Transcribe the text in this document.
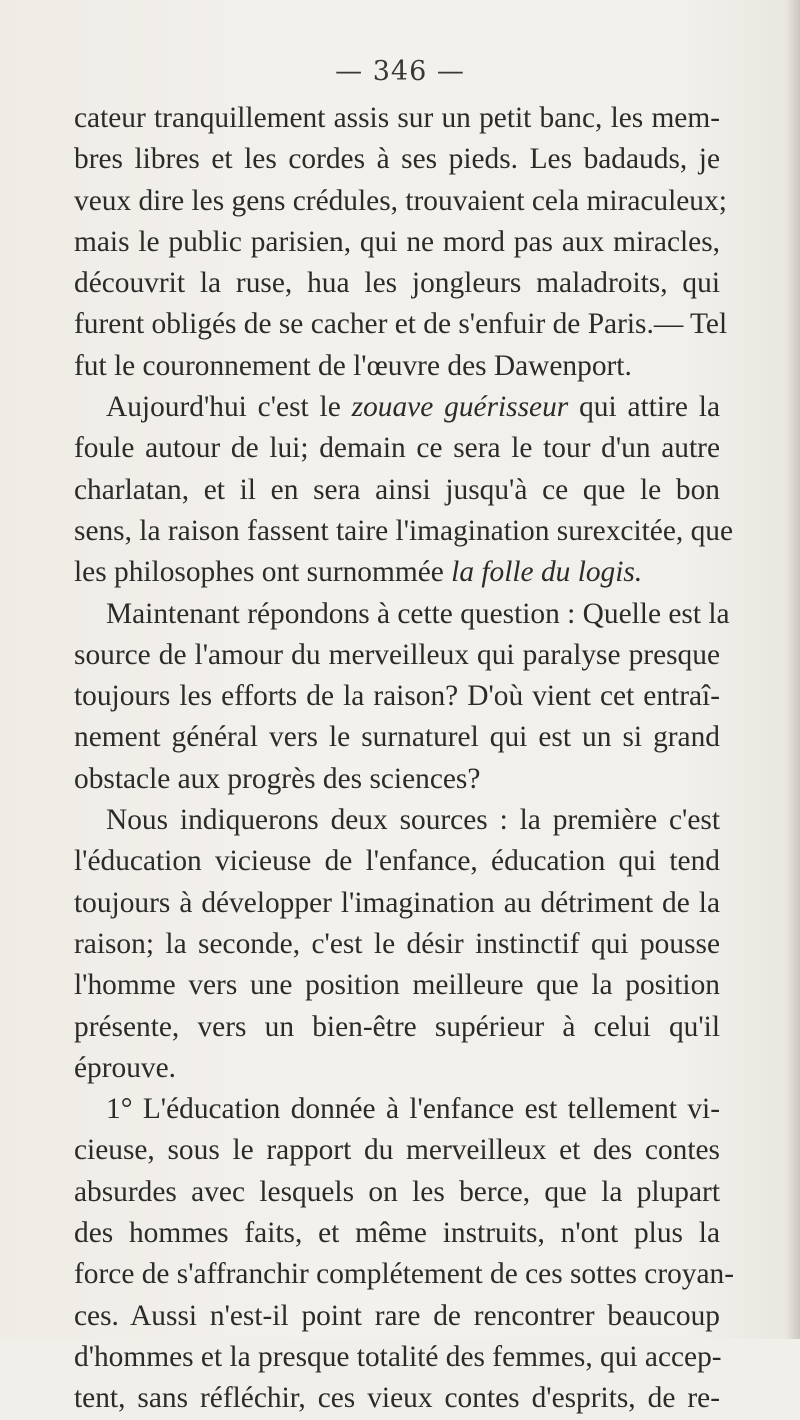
— 346 —

cateur tranquillement assis sur un petit banc, les mem-
bres libres et les cordes à ses pieds. Les badauds, je
veux dire les gens crédules, trouvaient cela miraculeux;
mais le public parisien, qui ne mord pas aux miracles,
découvrit la ruse, hua les jongleurs maladroits, qui
furent obligés de se cacher et de s'enfuir de Paris.— Tel
fut le couronnement de l'œuvre des Dawenport.

Aujourd'hui c'est le zouave guérisseur qui attire la
foule autour de lui; demain ce sera le tour d'un autre
charlatan, et il en sera ainsi jusqu'à ce que le bon
sens, la raison fassent taire l'imagination surexcitée, que
les philosophes ont surnommée la folle du logis.

Maintenant répondons à cette question : Quelle est la
source de l'amour du merveilleux qui paralyse presque
toujours les efforts de la raison? D'où vient cet entraî-
nement général vers le surnaturel qui est un si grand
obstacle aux progrès des sciences?

Nous indiquerons deux sources : la première c'est
l'éducation vicieuse de l'enfance, éducation qui tend
toujours à développer l'imagination au détriment de la
raison; la seconde, c'est le désir instinctif qui pousse
l'homme vers une position meilleure que la position
présente, vers un bien-être supérieur à celui qu'il
éprouve.

1° L'éducation donnée à l'enfance est tellement vi-
cieuse, sous le rapport du merveilleux et des contes
absurdes avec lesquels on les berce, que la plupart
des hommes faits, et même instruits, n'ont plus la
force de s'affranchir complétement de ces sottes croyan-
ces. Aussi n'est-il point rare de rencontrer beaucoup
d'hommes et la presque totalité des femmes, qui accep-
tent, sans réfléchir, ces vieux contes d'esprits, de re-
